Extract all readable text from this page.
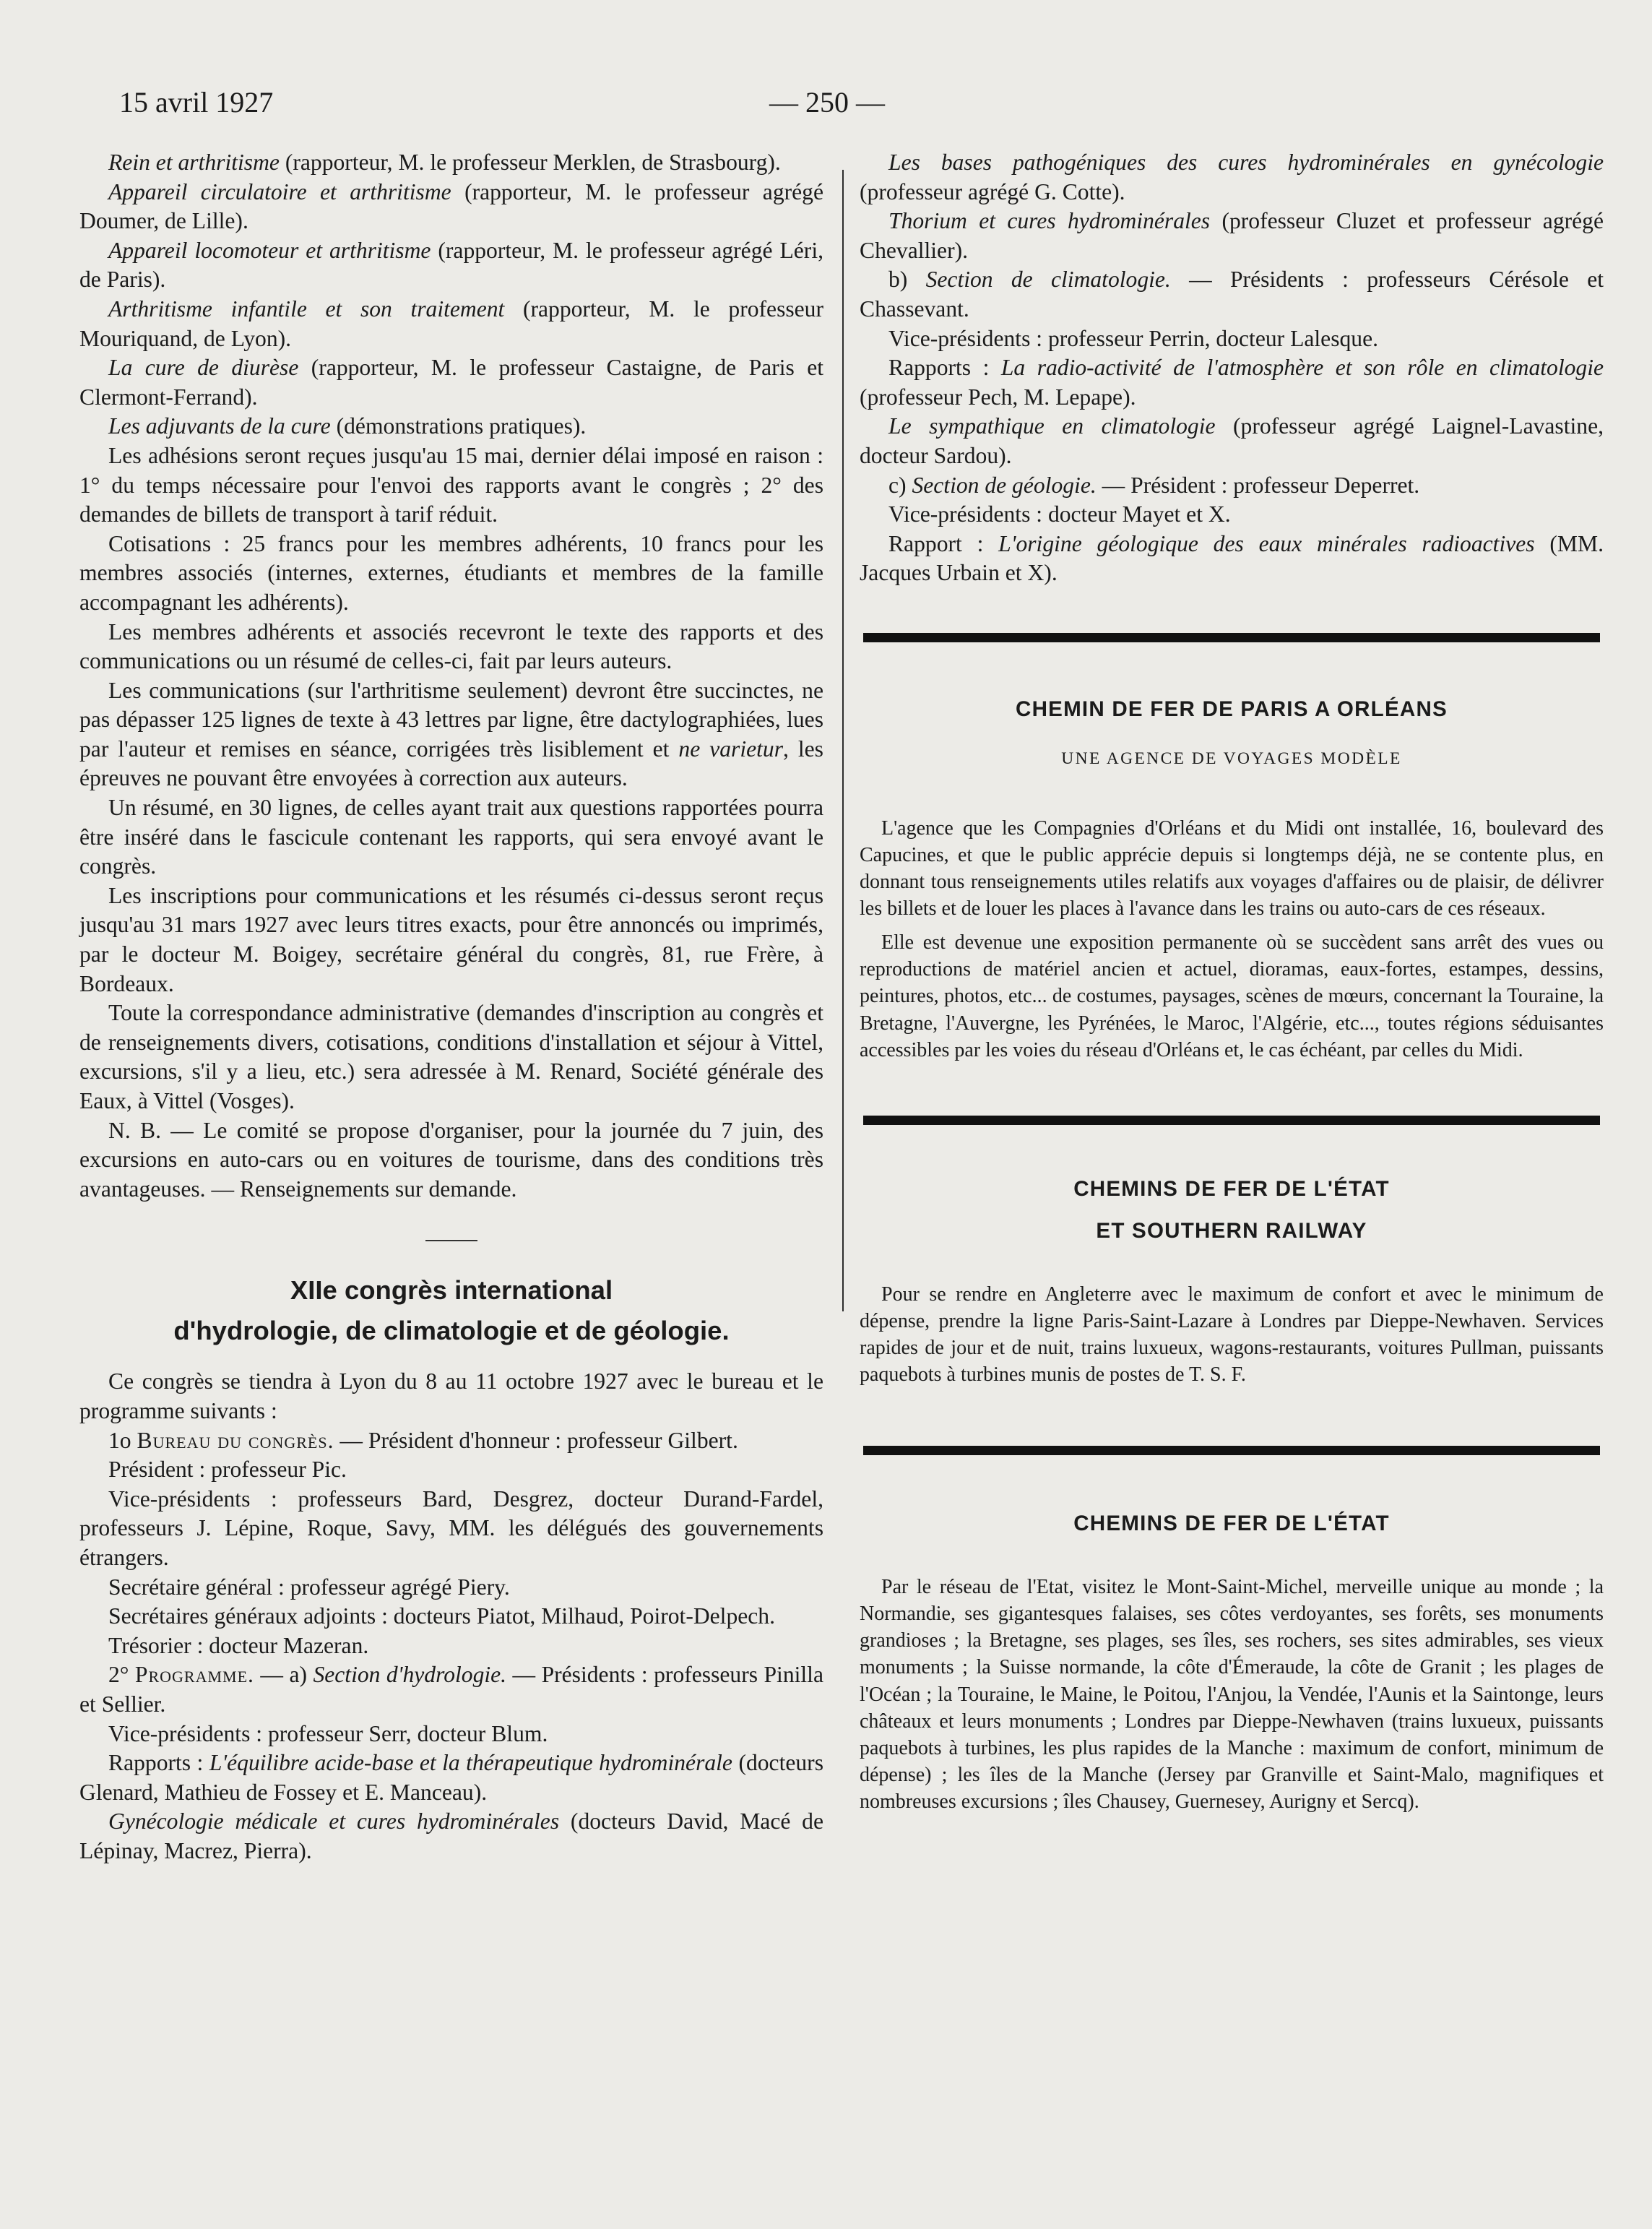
15 avril 1927	— 250 —

Rein et arthritisme (rapporteur, M. le professeur Merklen, de Strasbourg).

Appareil circulatoire et arthritisme (rapporteur, M. le professeur agrégé Doumer, de Lille).

Appareil locomoteur et arthritisme (rapporteur, M. le professeur agrégé Léri, de Paris).

Arthritisme infantile et son traitement (rapporteur, M. le professeur Mouriquand, de Lyon).

La cure de diurèse (rapporteur, M. le professeur Castaigne, de Paris et Clermont-Ferrand).

Les adjuvants de la cure (démonstrations pratiques).

Les adhésions seront reçues jusqu'au 15 mai, dernier délai imposé en raison : 1° du temps nécessaire pour l'envoi des rapports avant le congrès ; 2° des demandes de billets de transport à tarif réduit.

Cotisations : 25 francs pour les membres adhérents, 10 francs pour les membres associés (internes, externes, étudiants et membres de la famille accompagnant les adhérents).

Les membres adhérents et associés recevront le texte des rapports et des communications ou un résumé de celles-ci, fait par leurs auteurs.

Les communications (sur l'arthritisme seulement) devront être succinctes, ne pas dépasser 125 lignes de texte à 43 lettres par ligne, être dactylographiées, lues par l'auteur et remises en séance, corrigées très lisiblement et ne varietur, les épreuves ne pouvant être envoyées à correction aux auteurs.

Un résumé, en 30 lignes, de celles ayant trait aux questions rapportées pourra être inséré dans le fascicule contenant les rapports, qui sera envoyé avant le congrès.

Les inscriptions pour communications et les résumés ci-dessus seront reçus jusqu'au 31 mars 1927 avec leurs titres exacts, pour être annoncés ou imprimés, par le docteur M. Boigey, secrétaire général du congrès, 81, rue Frère, à Bordeaux.

Toute la correspondance administrative (demandes d'inscription au congrès et de renseignements divers, cotisations, conditions d'installation et séjour à Vittel, excursions, s'il y a lieu, etc.) sera adressée à M. Renard, Société générale des Eaux, à Vittel (Vosges).

N. B. — Le comité se propose d'organiser, pour la journée du 7 juin, des excursions en auto-cars ou en voitures de tourisme, dans des conditions très avantageuses. — Renseignements sur demande.

XIIe congrès international
d'hydrologie, de climatologie et de géologie.

Ce congrès se tiendra à Lyon du 8 au 11 octobre 1927 avec le bureau et le programme suivants :

1o Bureau du congrès. — Président d'honneur : professeur Gilbert.

Président : professeur Pic.

Vice-présidents : professeurs Bard, Desgrez, docteur Durand-Fardel, professeurs J. Lépine, Roque, Savy, MM. les délégués des gouvernements étrangers.

Secrétaire général : professeur agrégé Piery.

Secrétaires généraux adjoints : docteurs Piatot, Milhaud, Poirot-Delpech.

Trésorier : docteur Mazeran.

2° Programme. — a) Section d'hydrologie. — Présidents : professeurs Pinilla et Sellier.

Vice-présidents : professeur Serr, docteur Blum.

Rapports : L'équilibre acide-base et la thérapeutique hydrominérale (docteurs Glenard, Mathieu de Fossey et E. Manceau).

Gynécologie médicale et cures hydrominérales (docteurs David, Macé de Lépinay, Macrez, Pierra).

Les bases pathogéniques des cures hydrominérales en gynécologie (professeur agrégé G. Cotte).

Thorium et cures hydrominérales (professeur Cluzet et professeur agrégé Chevallier).

b) Section de climatologie. — Présidents : professeurs Cérésole et Chassevant.

Vice-présidents : professeur Perrin, docteur Lalesque.

Rapports : La radio-activité de l'atmosphère et son rôle en climatologie (professeur Pech, M. Lepape).

Le sympathique en climatologie (professeur agrégé Laignel-Lavastine, docteur Sardou).

c) Section de géologie. — Président : professeur Deperret.

Vice-présidents : docteur Mayet et X.

Rapport : L'origine géologique des eaux minérales radioactives (MM. Jacques Urbain et X).

CHEMIN DE FER DE PARIS A ORLÉANS
UNE AGENCE DE VOYAGES MODÈLE

L'agence que les Compagnies d'Orléans et du Midi ont installée, 16, boulevard des Capucines, et que le public apprécie depuis si longtemps déjà, ne se contente plus, en donnant tous renseignements utiles relatifs aux voyages d'affaires ou de plaisir, de délivrer les billets et de louer les places à l'avance dans les trains ou auto-cars de ces réseaux.

Elle est devenue une exposition permanente où se succèdent sans arrêt des vues ou reproductions de matériel ancien et actuel, dioramas, eaux-fortes, estampes, dessins, peintures, photos, etc... de costumes, paysages, scènes de mœurs, concernant la Touraine, la Bretagne, l'Auvergne, les Pyrénées, le Maroc, l'Algérie, etc..., toutes régions séduisantes accessibles par les voies du réseau d'Orléans et, le cas échéant, par celles du Midi.

CHEMINS DE FER DE L'ÉTAT
ET SOUTHERN RAILWAY

Pour se rendre en Angleterre avec le maximum de confort et avec le minimum de dépense, prendre la ligne Paris-Saint-Lazare à Londres par Dieppe-Newhaven. Services rapides de jour et de nuit, trains luxueux, wagons-restaurants, voitures Pullman, puissants paquebots à turbines munis de postes de T. S. F.

CHEMINS DE FER DE L'ÉTAT

Par le réseau de l'Etat, visitez le Mont-Saint-Michel, merveille unique au monde ; la Normandie, ses gigantesques falaises, ses côtes verdoyantes, ses forêts, ses monuments grandioses ; la Bretagne, ses plages, ses îles, ses rochers, ses sites admirables, ses vieux monuments ; la Suisse normande, la côte d'Émeraude, la côte de Granit ; les plages de l'Océan ; la Touraine, le Maine, le Poitou, l'Anjou, la Vendée, l'Aunis et la Saintonge, leurs châteaux et leurs monuments ; Londres par Dieppe-Newhaven (trains luxueux, puissants paquebots à turbines, les plus rapides de la Manche : maximum de confort, minimum de dépense) ; les îles de la Manche (Jersey par Granville et Saint-Malo, magnifiques et nombreuses excursions ; îles Chausey, Guernesey, Aurigny et Sercq).
